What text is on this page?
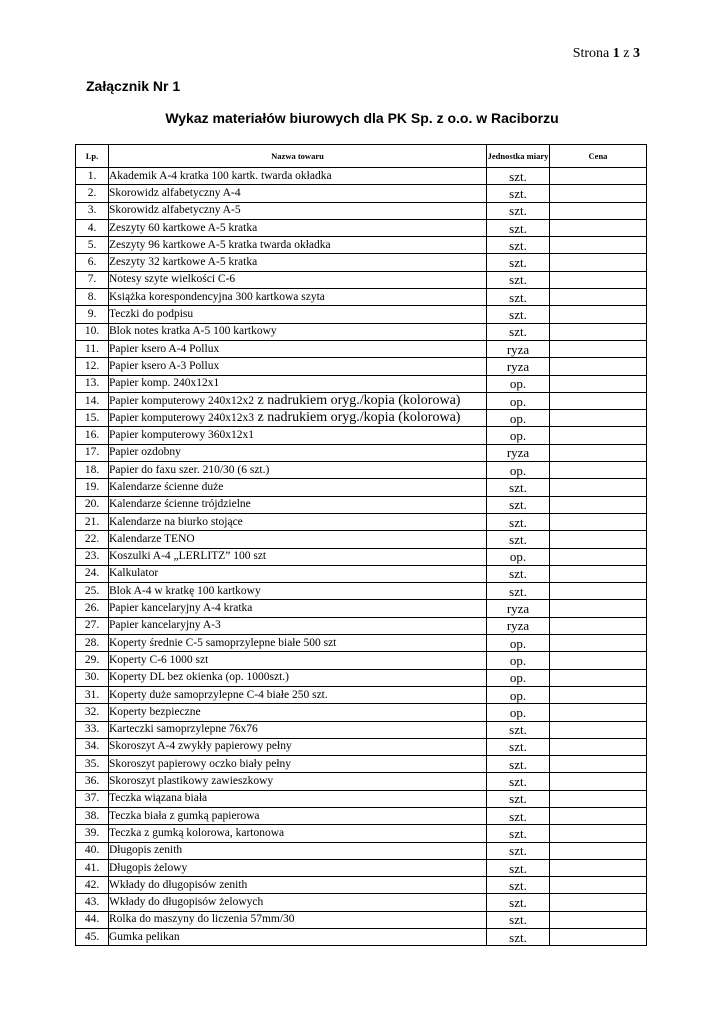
Strona 1 z 3
Załącznik Nr 1
Wykaz materiałów biurowych dla PK Sp. z o.o. w Raciborzu
Lp.	Nazwa towaru	Jednostka miary	Cena
1.	Akademik A-4 kratka 100 kartk. twarda okładka	szt.	
2.	Skorowidz alfabetyczny A-4	szt.	
3.	Skorowidz alfabetyczny A-5	szt.	
4.	Zeszyty 60 kartkowe A-5 kratka	szt.	
5.	Zeszyty 96 kartkowe A-5 kratka twarda okładka	szt.	
6.	Zeszyty 32 kartkowe A-5 kratka	szt.	
7.	Notesy szyte wielkości C-6	szt.	
8.	Książka korespondencyjna 300 kartkowa szyta	szt.	
9.	Teczki do podpisu	szt.	
10.	Blok notes kratka A-5 100 kartkowy	szt.	
11.	Papier ksero A-4 Pollux	ryza	
12.	Papier ksero A-3 Pollux	ryza	
13.	Papier komp. 240x12x1	op.	
14.	Papier komputerowy 240x12x2 z nadrukiem oryg./kopia (kolorowa)	op.	
15.	Papier komputerowy 240x12x3 z nadrukiem oryg./kopia (kolorowa)	op.	
16.	Papier komputerowy 360x12x1	op.	
17.	Papier ozdobny	ryza	
18.	Papier do faxu szer. 210/30 (6 szt.)	op.	
19.	Kalendarze ścienne duże	szt.	
20.	Kalendarze ścienne trójdzielne	szt.	
21.	Kalendarze na biurko stojące	szt.	
22.	Kalendarze TENO	szt.	
23.	Koszulki A-4 „LERLITZ” 100 szt	op.	
24.	Kalkulator	szt.	
25.	Blok A-4 w kratkę 100 kartkowy	szt.	
26.	Papier kancelaryjny A-4 kratka	ryza	
27.	Papier kancelaryjny A-3	ryza	
28.	Koperty średnie C-5 samoprzylepne białe 500 szt	op.	
29.	Koperty C-6 1000 szt	op.	
30.	Koperty DL bez okienka (op. 1000szt.)	op.	
31.	Koperty duże samoprzylepne C-4 białe 250 szt.	op.	
32.	Koperty bezpieczne	op.	
33.	Karteczki samoprzylepne 76x76	szt.	
34.	Skoroszyt A-4 zwykły papierowy pełny	szt.	
35.	Skoroszyt papierowy oczko biały pełny	szt.	
36.	Skoroszyt plastikowy zawieszkowy	szt.	
37.	Teczka wiązana biała	szt.	
38.	Teczka biała z gumką papierowa	szt.	
39.	Teczka z gumką kolorowa, kartonowa	szt.	
40.	Długopis zenith	szt.	
41.	Długopis żelowy	szt.	
42.	Wkłady do długopisów zenith	szt.	
43.	Wkłady do długopisów żelowych	szt.	
44.	Rolka do maszyny do liczenia 57mm/30	szt.	
45.	Gumka pelikan	szt.	
